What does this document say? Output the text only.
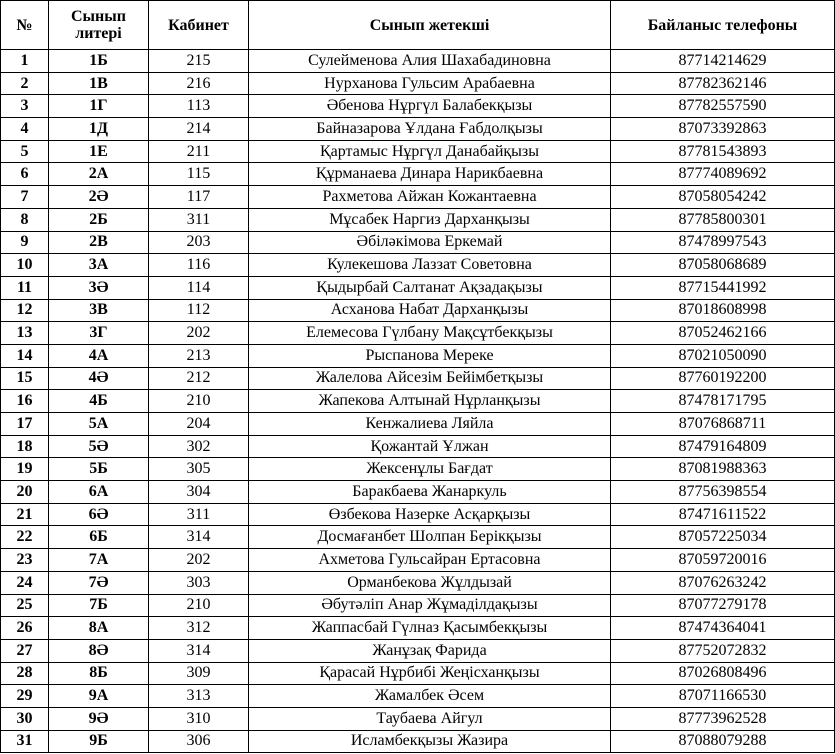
№	Сынып литері	Кабинет	Сынып жетекші	Байланыс телефоны
1	1Б	215	Сулейменова Алия Шахабадиновна	87714214629
2	1В	216	Нурханова Гульсим Арабаевна	87782362146
3	1Г	113	Әбенова Нұргүл Балабекқызы	87782557590
4	1Д	214	Байназарова Ұлдана Ғабдолқызы	87073392863
5	1Е	211	Қартамыс Нұргүл Данабайқызы	87781543893
6	2А	115	Құрманаева Динара Нарикбаевна	87774089692
7	2Ә	117	Рахметова Айжан Кожантаевна	87058054242
8	2Б	311	Мұсабек Наргиз Дарханқызы	87785800301
9	2В	203	Әбіләкімова Еркемай	87478997543
10	3А	116	Кулекешова Лаззат Советовна	87058068689
11	3Ә	114	Қыдырбай Салтанат Ақзадақызы	87715441992
12	3В	112	Асханова Набат Дарханқызы	87018608998
13	3Г	202	Елемесова Гүлбану Мақсұтбекқызы	87052462166
14	4А	213	Рыспанова Мереке	87021050090
15	4Ә	212	Жалелова Айсезім Бейімбетқызы	87760192200
16	4Б	210	Жапекова Алтынай Нұрланқызы	87478171795
17	5А	204	Кенжалиева Ляйла	87076868711
18	5Ә	302	Қожантай Ұлжан	87479164809
19	5Б	305	Жексенұлы Бағдат	87081988363
20	6А	304	Баракбаева Жанаркуль	87756398554
21	6Ә	311	Өзбекова Назерке Асқарқызы	87471611522
22	6Б	314	Досмағанбет Шолпан Берікқызы	87057225034
23	7А	202	Ахметова Гульсайран Ертасовна	87059720016
24	7Ә	303	Орманбекова Жұлдызай	87076263242
25	7Б	210	Әбутәліп Анар Жұмаділдақызы	87077279178
26	8А	312	Жаппасбай Гүлназ Қасымбекқызы	87474364041
27	8Ә	314	Жанұзақ Фарида	87752072832
28	8Б	309	Қарасай Нұрбибі Жеңісханқызы	87026808496
29	9А	313	Жамалбек Әсем	87071166530
30	9Ә	310	Таубаева Айгул	87773962528
31	9Б	306	Исламбекқызы Жазира	87088079288
